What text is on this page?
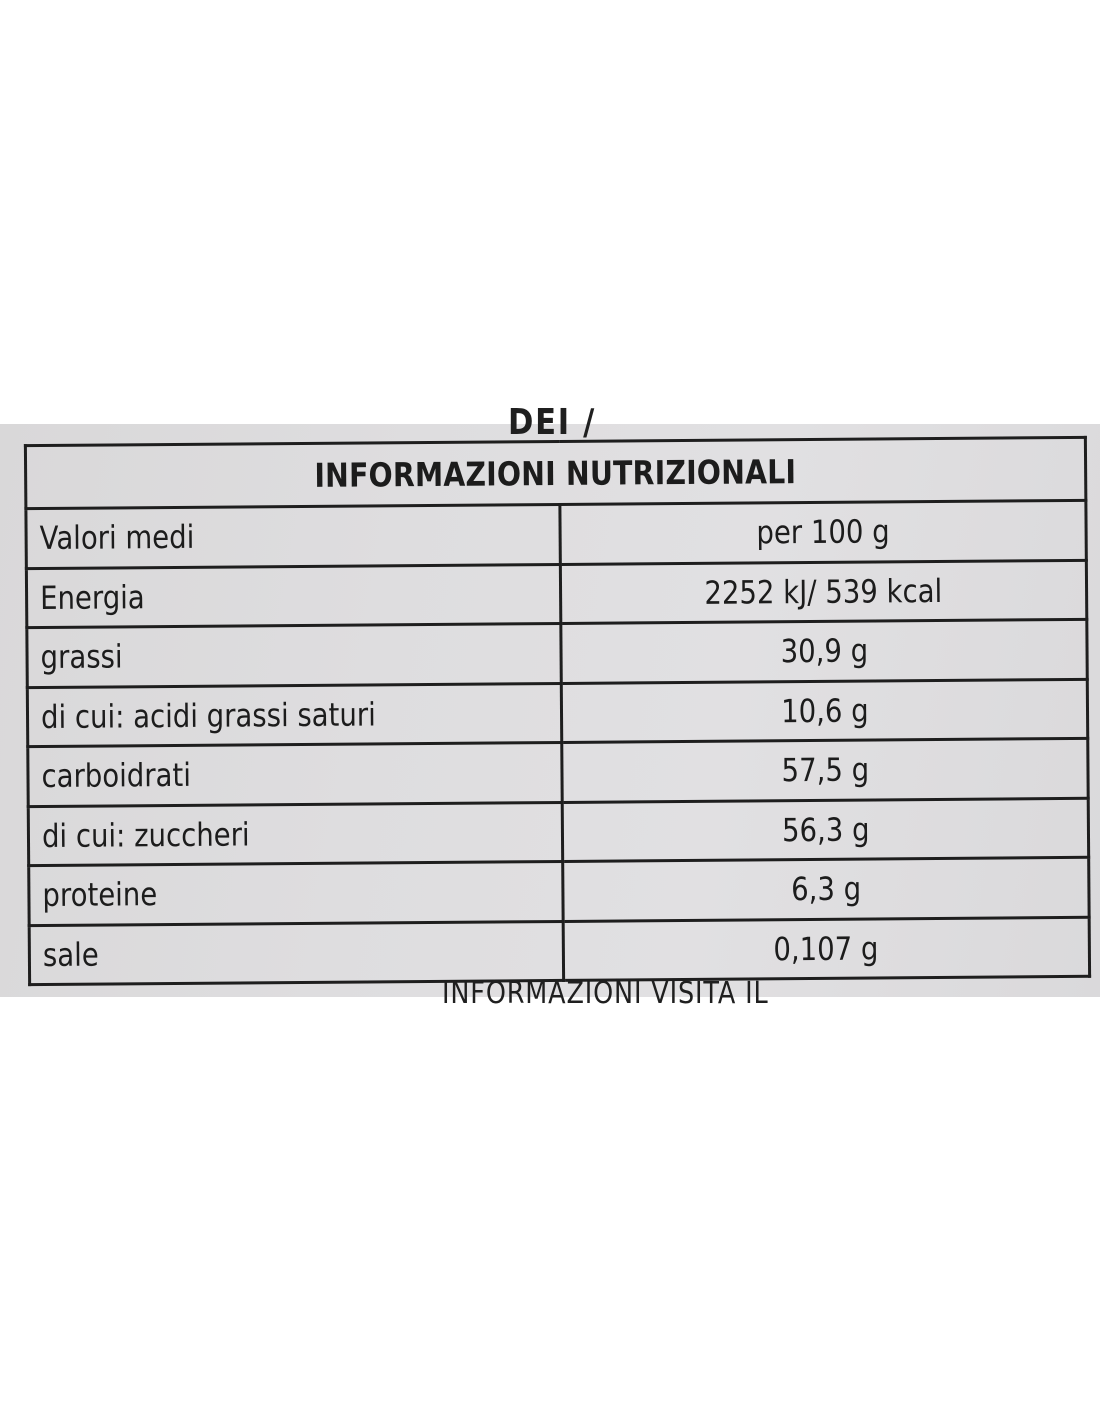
DEI /
INFORMAZIONI NUTRIZIONALI	
Valori medi	per 100 g
Energia	2252 kJ/ 539 kcal
grassi	30,9 g
di cui: acidi grassi saturi	10,6 g
carboidrati	57,5 g
di cui: zuccheri	56,3 g
proteine	6,3 g
sale	0,107 g
INFORMAZIONI VISITA IL
